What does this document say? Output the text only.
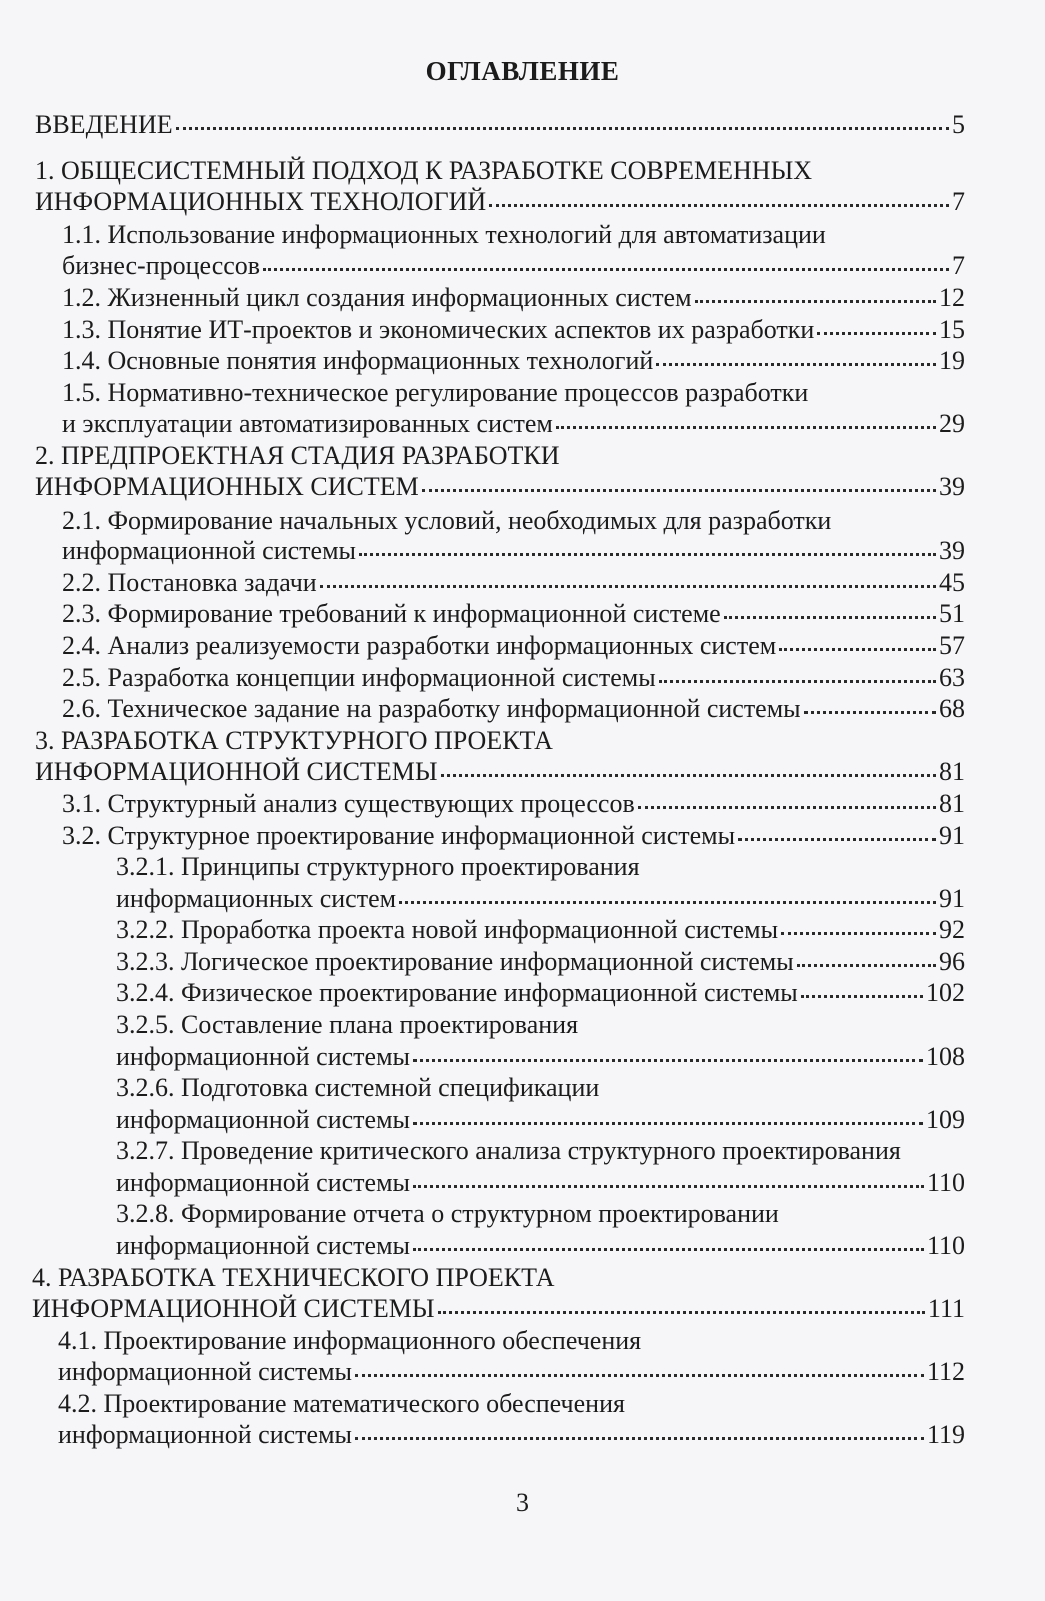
ОГЛАВЛЕНИЕ
ВВЕДЕНИЕ	5
1. ОБЩЕСИСТЕМНЫЙ ПОДХОД К РАЗРАБОТКЕ СОВРЕМЕННЫХ
ИНФОРМАЦИОННЫХ ТЕХНОЛОГИЙ	7
1.1. Использование информационных технологий для автоматизации
бизнес-процессов	7
1.2. Жизненный цикл создания информационных систем	12
1.3. Понятие ИТ-проектов и экономических аспектов их разработки	15
1.4. Основные понятия информационных технологий	19
1.5. Нормативно-техническое регулирование процессов разработки
и эксплуатации автоматизированных систем	29
2. ПРЕДПРОЕКТНАЯ СТАДИЯ РАЗРАБОТКИ
ИНФОРМАЦИОННЫХ СИСТЕМ	39
2.1. Формирование начальных условий, необходимых для разработки
информационной системы	39
2.2. Постановка задачи	45
2.3. Формирование требований к информационной системе	51
2.4. Анализ реализуемости разработки информационных систем	57
2.5. Разработка концепции информационной системы	63
2.6. Техническое задание на разработку информационной системы	68
3. РАЗРАБОТКА СТРУКТУРНОГО ПРОЕКТА
ИНФОРМАЦИОННОЙ СИСТЕМЫ	81
3.1. Структурный анализ существующих процессов	81
3.2. Структурное проектирование информационной системы	91
3.2.1. Принципы структурного проектирования
информационных систем	91
3.2.2. Проработка проекта новой информационной системы	92
3.2.3. Логическое проектирование информационной системы	96
3.2.4. Физическое проектирование информационной системы	102
3.2.5. Составление плана проектирования
информационной системы	108
3.2.6. Подготовка системной спецификации
информационной системы	109
3.2.7. Проведение критического анализа структурного проектирования
информационной системы	110
3.2.8. Формирование отчета о структурном проектировании
информационной системы	110
4. РАЗРАБОТКА ТЕХНИЧЕСКОГО ПРОЕКТА
ИНФОРМАЦИОННОЙ СИСТЕМЫ	111
4.1. Проектирование информационного обеспечения
информационной системы	112
4.2. Проектирование математического обеспечения
информационной системы	119
3
